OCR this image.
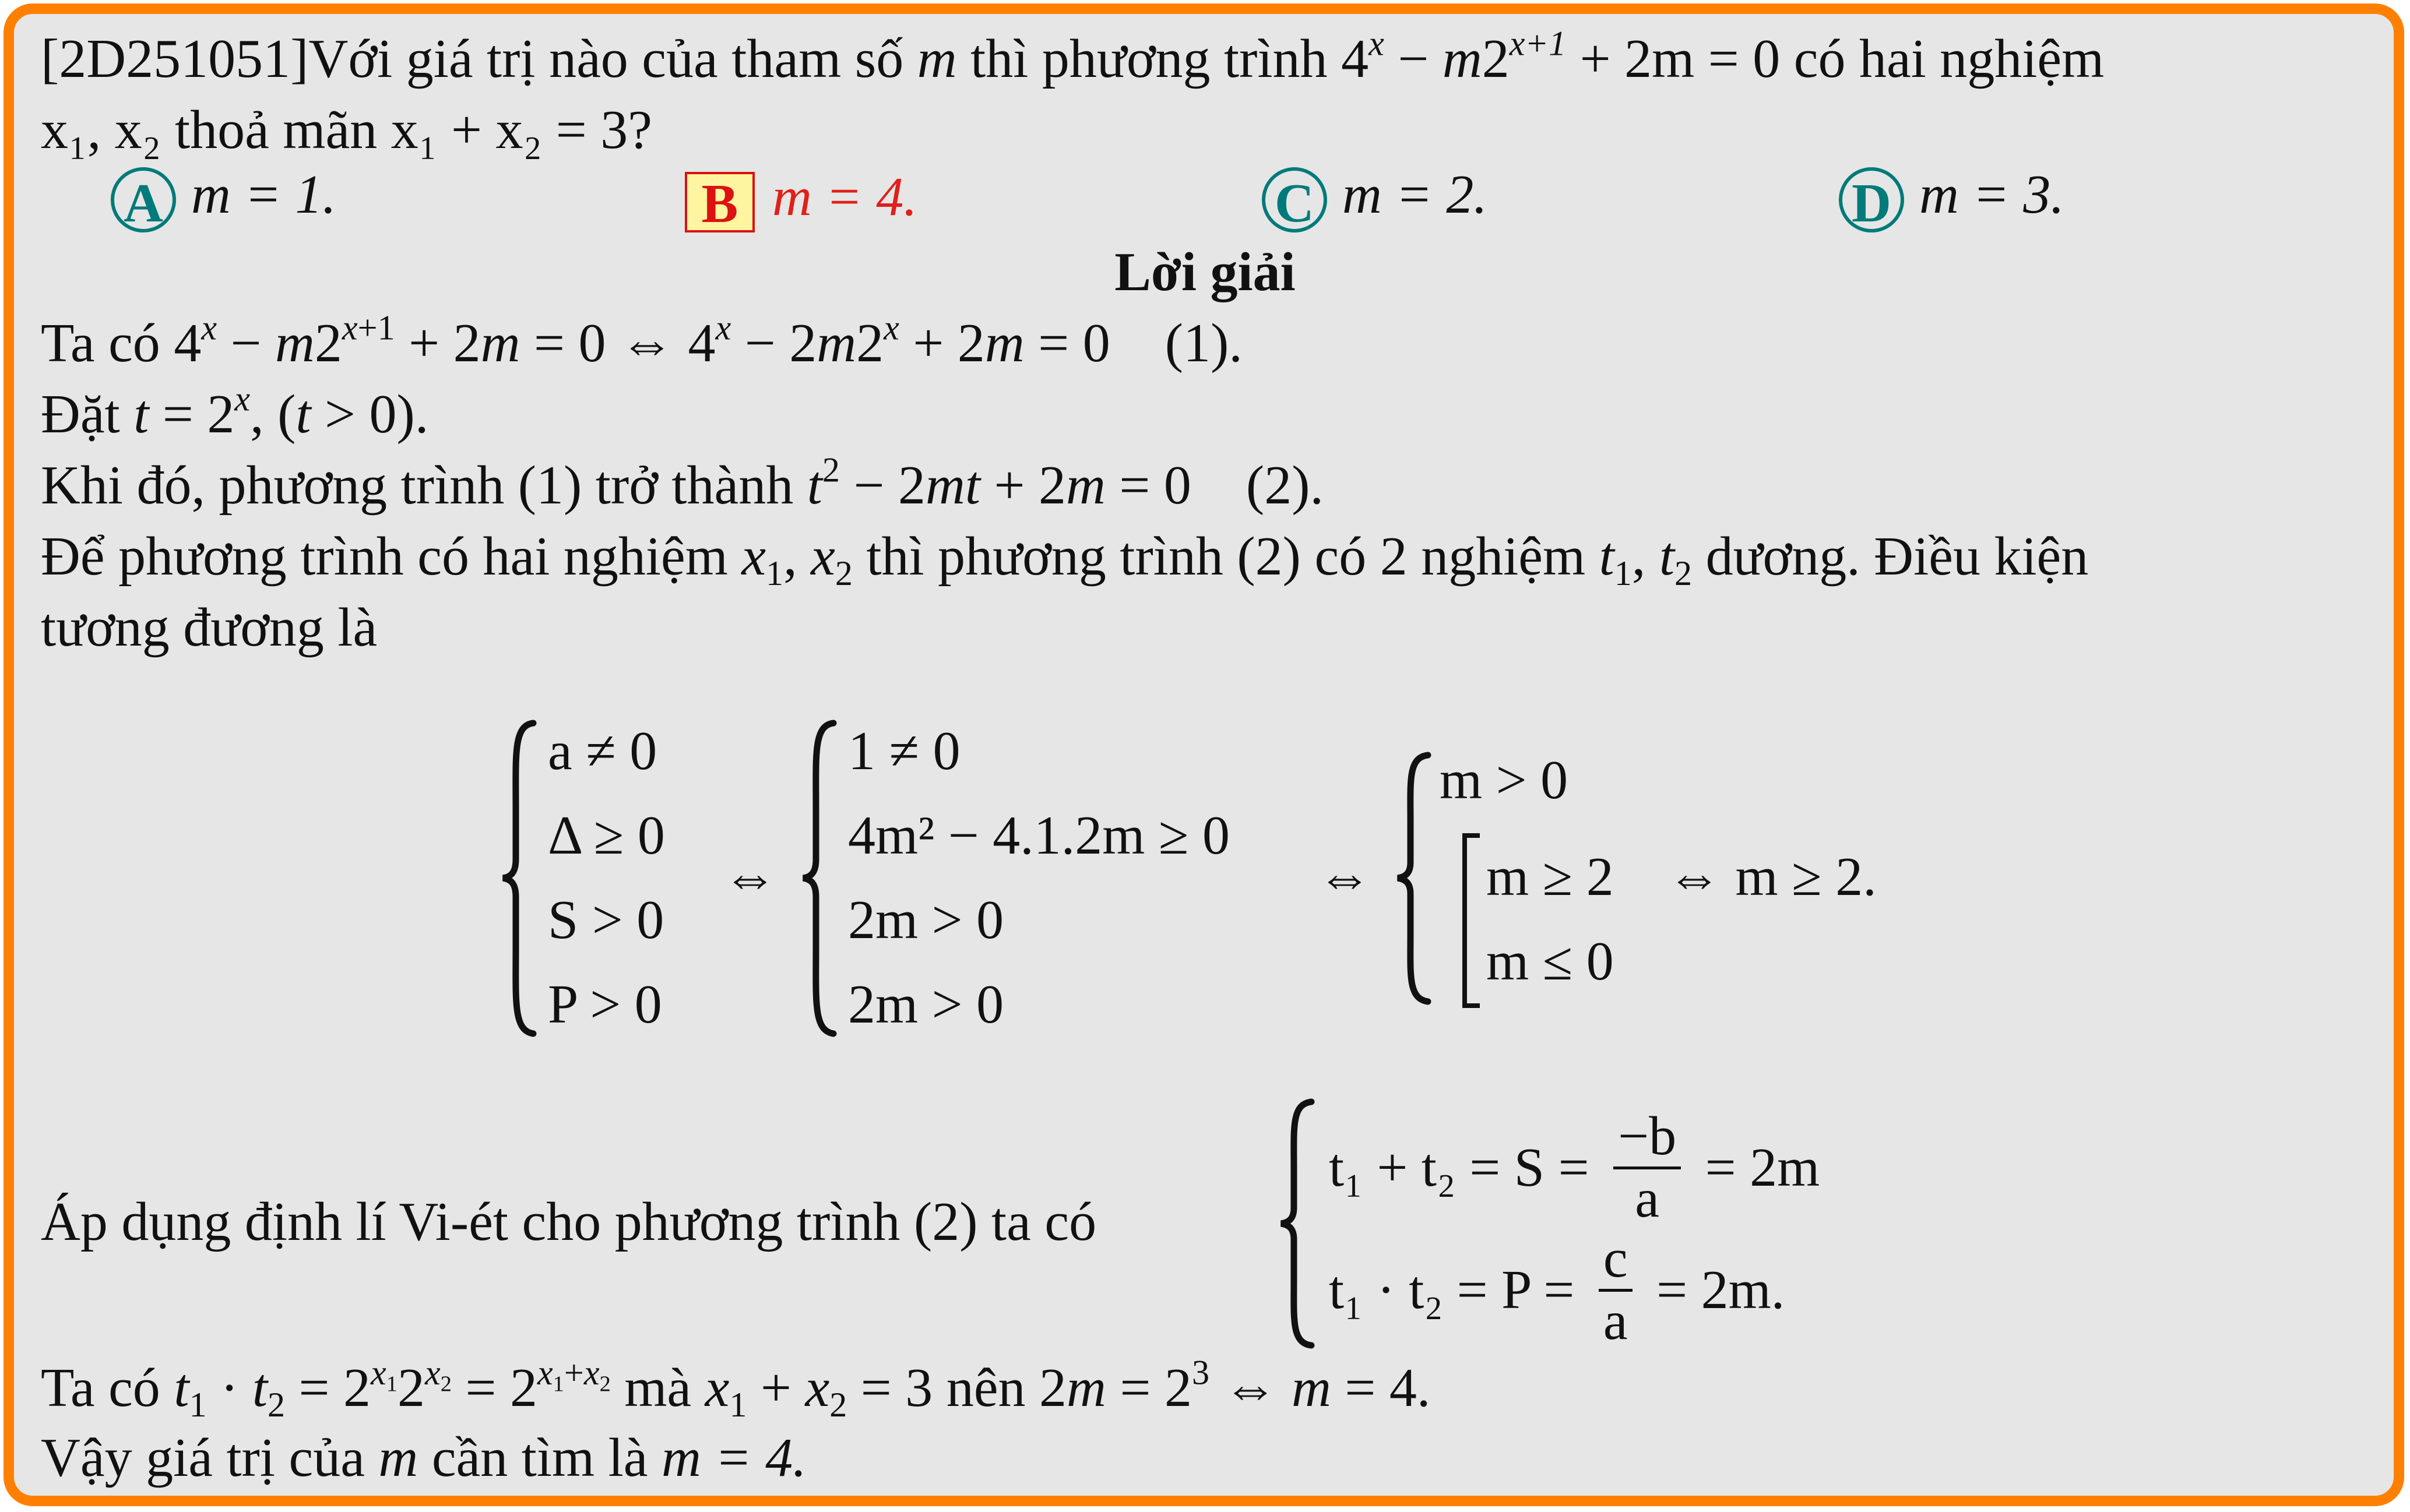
[2D251051]Với giá trị nào của tham số m thì phương trình $4^x - m2^{x+1} + 2m = 0$ có hai nghiệm
x₁, x₂ thoả mãn x₁ + x₂ = 3?
A m = 1.	B m = 4.	C m = 2.	D m = 3.
Lời giải
Ta có $4^x - m2^{x+1} + 2m = 0$ ⇔ $4^x - 2m2^x + 2m = 0$    (1).
Đặt $t = 2^x$, (t > 0).
Khi đó, phương trình (1) trở thành $t^2 - 2mt + 2m = 0$    (2).
Để phương trình có hai nghiệm $x_1$, $x_2$ thì phương trình (2) có 2 nghiệm $t_1$, $t_2$ dương. Điều kiện
tương đương là
a ≠ 0
Δ ≥ 0
S > 0
P > 0
⇔
1 ≠ 0
4m² − 4.1.2m ≥ 0
2m > 0
2m > 0
⇔
m > 0
m ≥ 2
m ≤ 0
⇔ m ≥ 2.
Áp dụng định lí Vi-ét cho phương trình (2) ta có
$t_1 + t_2 = S = \frac{-b}{a} = 2m$
$t_1 \cdot t_2 = P = \frac{c}{a} = 2m$.
Ta có $t_1 \cdot t_2 = 2^{x_1}2^{x_2} = 2^{x_1+x_2}$ mà $x_1 + x_2 = 3$ nên $2m = 2^3$ ⇔ m = 4.
Vậy giá trị của m cần tìm là m = 4.
